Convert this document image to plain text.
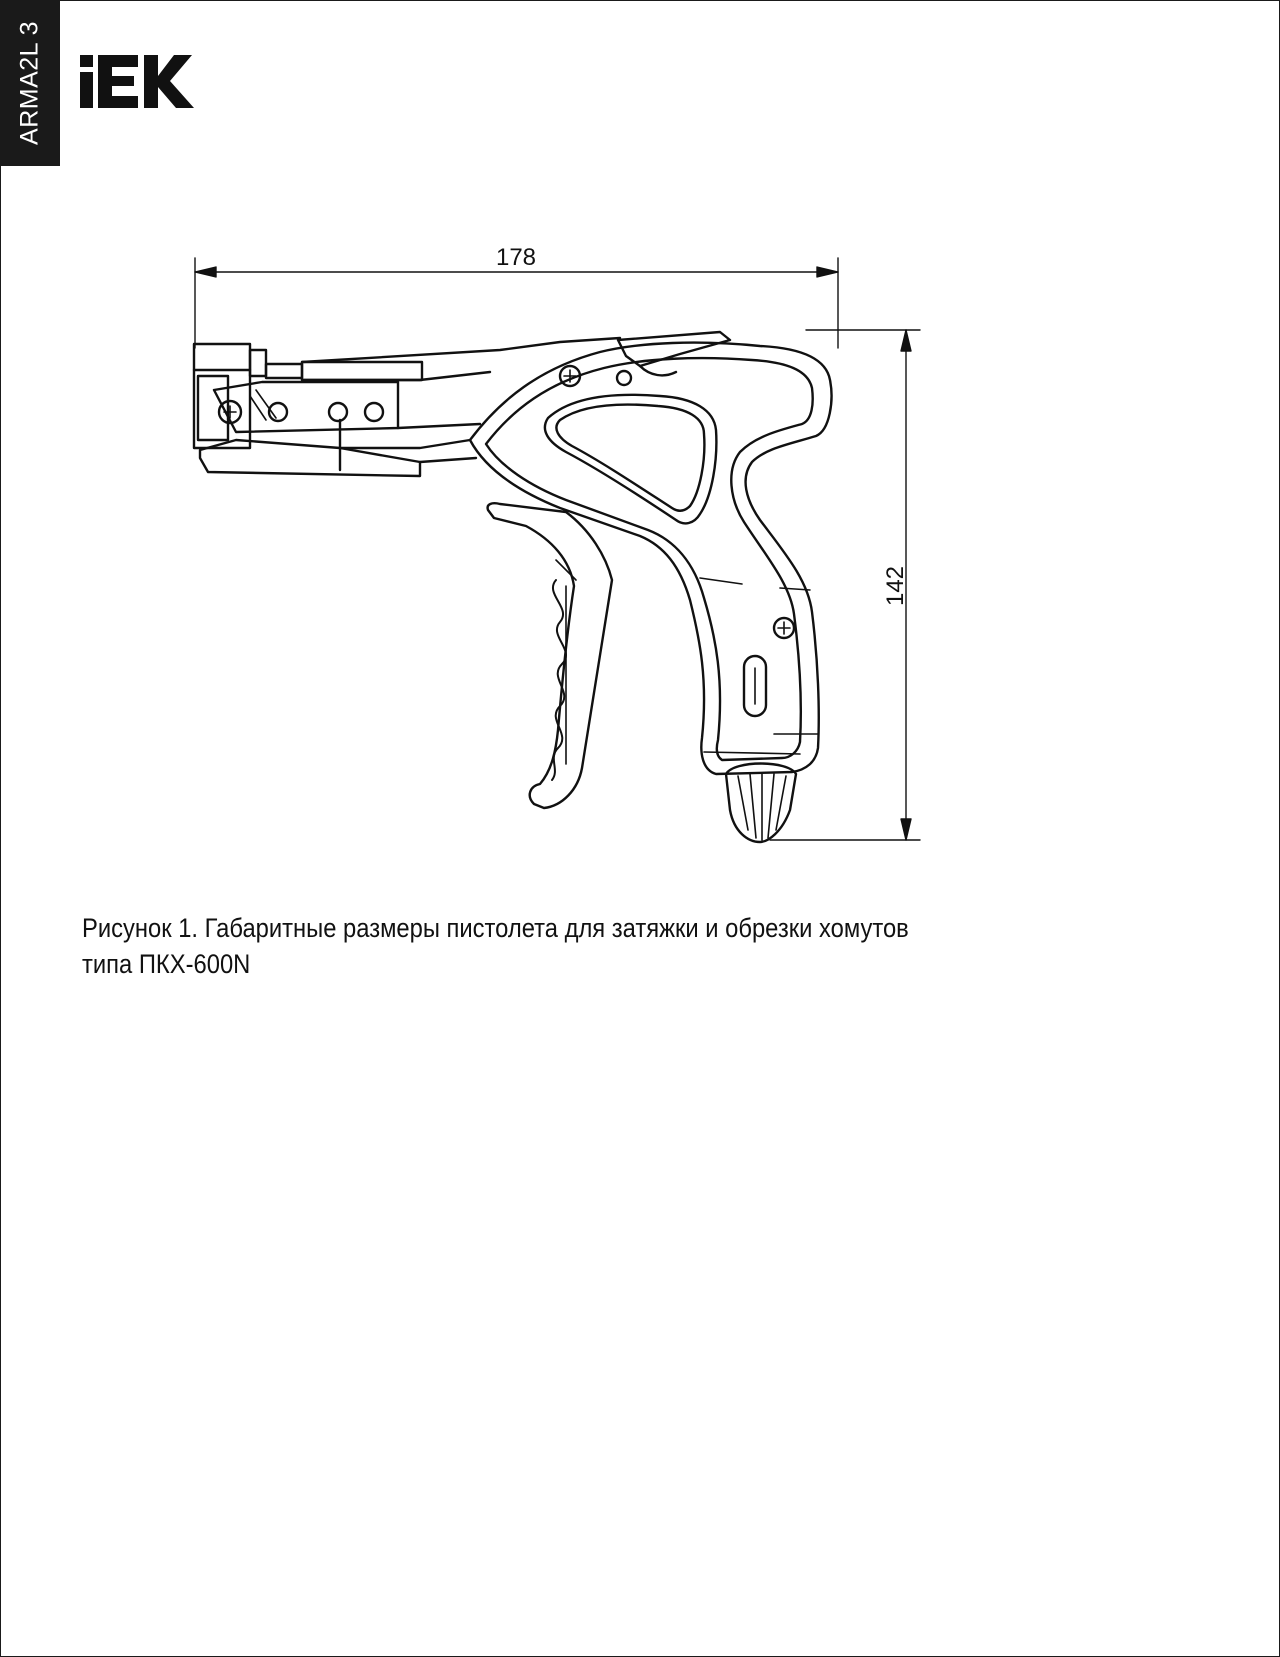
ARMA2L 3
178
142
Рисунок 1. Габаритные размеры пистолета для затяжки и обрезки хомутов
типа ПКХ-600N
